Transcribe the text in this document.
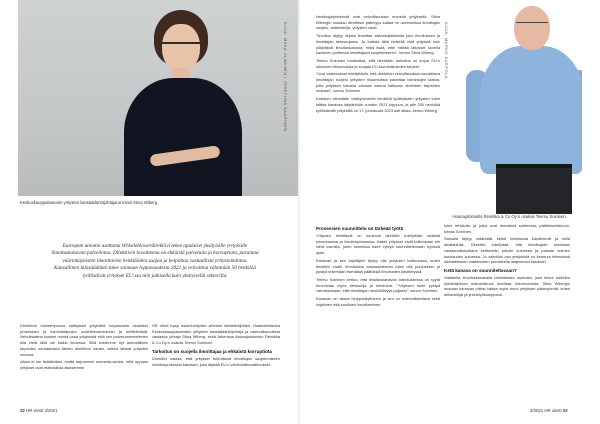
KUVA: MIIKA ULMANEN / JOSEFIINA SAARINEN
Keskuskauppakamarin yritysten lainsäädäntöjohtajana toimii Stina Wiberg.
Euroopan unionin asettama Whistleblowerdirektiivi tekee apulaiset yksityisille yrityksille ilmoituskanavan palvelintaa. Direktiivin tavoitteena on ehkäistä palveluita ja korruptiota, parantaa väärinkäytösten ilmoittavien henkilöiden suojaa ja helpottaa vastuullista yritystoimintaa. Kansallinen lainsäädäntö tulee voimaan loppuvuodesta 2021 ja velvoittaa vähintään 50 henkilöä työllistävät yritykset EU:ssa niin julkisella kuin yksityisellä sektorilla.

Direktiivin toimeenpanoa säädyttää yrityksiltä korjaavasta osalaiset prosessien ja toimintatapojen uudelleenarvioinnin ja kehittämistä. Velvoittaisina koskee monta osaa yrityksistä eikä sen palvelumenetelmien olla vielä tällä ole kaikki tiedossa. Sillä hoidimme nyt ammatillisiin tarpeiden seuraamista tämän direktiivin kautta, vaikka laiskat yritysten osiossa.

Aikaa ei ole lisättäväksi, mutta tarjoamme seuranta-avuksi, mitä oppaan yritykset ovat mahdollisia aikasemme.

HR viesti kysyi asiantuntijoiksi aiheista lakitieteilijöiden. Haastateltavina Keskuskauppakamarin yritysten lainsäädäntöjohtaja ja vastuullisuudesta vastaava johtaja Stina Wiberg, sekä Attorneys Asianajotoimisto Reinikka & Co Oy:n osakas Teemu Soininen.

Tarkoitus on suojella ilmoittajaa ja ehkäistä korruptiota

Direktiivi vastaa, että yritykset toteuttavat ilmoittajan suojelemiseen ilmoitusprosessin kanavan, joka täyttää EU:n vähimmäisvaatimukset.

22 HR viesti 3/2021

ilmoitusjärjestelmät ovat velvollisuuksia monella yrityksellä. Stina Wibergin mukaan direktiivin pätevyys kattaa ne useimmissa ilmoittajan suojelu, väärintekijä, yritysten varat.

"Ilmoitus täytyy ohjata ilmoittaa väärinkäytöksistä joko ilmoituksen ja ilmoittajan tietosuojasta. Jo kaikkia tällä hetkellä niitä yrityksiä kuin ylläpitävät ilmoituskanavia, mikä lisää, ettei näissä laitokset sovella kanavien puitteissa ilmoittajaan suojelemiseen", kertoo Stina Wiberg.

Teemu Soininen muistuttaa, että direktiivin tarkoitus on torjua EU:n oikeuden rikkomuksia ja suojata EU-tuomioistuimien tarpeet.

"Uusi vaatimukset edellyttävät, että direktiivin velvollisuuksia noudattava ilmoittajan suojelu yritysten rikkomuksia parantaa toimintojen laatua, jotta yrityksen kanava voidaan katsoa kattavan direktiivin tarpeiden mukaan", sanoo Soininen.

Kaikkien vähintään viisikymmentä henkilöä työllistävien yritysten tulee laittaa kanavaa käytäntöön vuoden 2021 loppuun, ja alle 250 henkilöä työllistävillä yrityksillä on 17. joulukuuta 2023 asti aikaa, kertoo Wiberg.

Prosessien suunnittelu on tärkeää työtä

Yritysten kehittävät on kuuluvat direktiivi edellyttäisi sisäistä toimintaansa ja ilmoitusprosessia. Kaikki yritykset eivät kuitenkaan ole vielä valmiita, joten toimintaa tulee ryhtyä suunnittelemaan hyvissä ajoin.

Kanavan ja sen käyttäjien täytyy olla yrityksen hallinnassa, kuten direktiivi vaatii. Ilmoituksia vastaanottavan tulee olla puolueeton ja pystyä tekemään itsenäisiä päätöksiä ilmoitusten käsittelyssä.

Teemu Soininen kertoo, että ilmoituskanavan toteutuksessa on syytä huomioida myös tietosuoja ja tietoturva. "Yrityksen tulee pystyä varmistamaan, ettei ilmoittajan henkilöllisyys paljastu", sanoo Soininen.

Kanavan on oltava helppokäyttöinen ja sen on mahdollistettava sekä kirjallinen että suullinen ilmoittaminen.

tulee tehtäville ja jotka ovat itsenäisiä suhteessa päätöksentekoon, toteaa Soininen.

Samalla täytyy määrittää, ketkä ilmoituksia käsittelevät ja millä aikataululla. Direktiivi edellyttää, että ilmoittajalle annetaan vastaanottokuittaus seitsemän päivän kuluessa ja palaute kolmen kuukauden kuluessa. Jo valmiiksi osa yrityksistä on kertonut tekevänsä lakisääteisten vaatimusten perusteella laajemman kanavan.

Ketä kanava on suunniteltavaan?

Sisäisellä ilmoituskanavalla tarkoitetaan asetusta, joka tekee kaikkien työntekijöiden mahdollisuus ilmoittaa rikkomuksista. Stina Wibergin mukaan kanavan pitäisi kattaa myös muut yrityksen sidosryhmät, kuten alihankkijat ja yhteistyökumppanit.

KUVA: MARKO SARPOLA
Asianajotoimisto Reinikka & Co Oy:n osakas Teemu Soininen.
3/2021 HR viesti 23
